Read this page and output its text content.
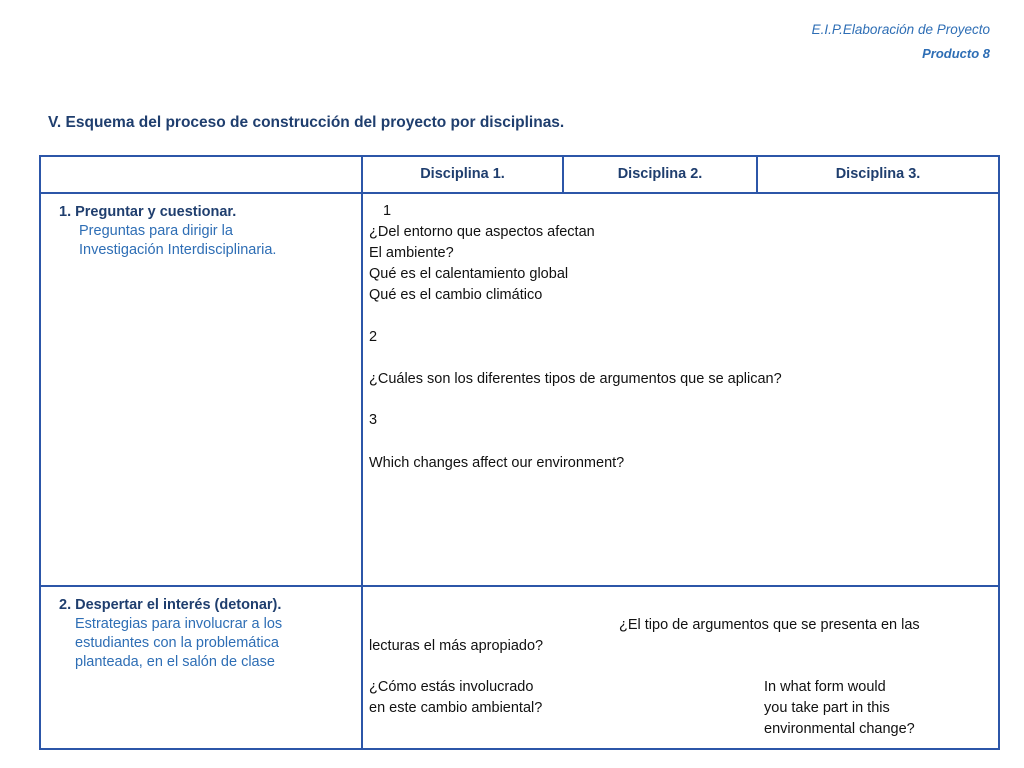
E.I.P.Elaboración de Proyecto
Producto 8
V. Esquema del proceso de construcción del proyecto por disciplinas.
Disciplina 1.	Disciplina 2.	Disciplina 3.
1. Preguntar y cuestionar.
Preguntas para dirigir la
Investigación Interdisciplinaria.
1
¿Del entorno que aspectos afectan
El ambiente?
Qué es el calentamiento global
Qué es el cambio climático
2
¿Cuáles son los diferentes tipos de argumentos que se aplican?
3
Which changes affect our environment?
2. Despertar el interés (detonar).
Estrategias para involucrar a los
estudiantes con la problemática
planteada, en el salón de clase
¿El tipo de argumentos que se presenta en las
lecturas el más apropiado?
¿Cómo estás involucrado
en este cambio ambiental?
In what form would
you take part in this
environmental change?
